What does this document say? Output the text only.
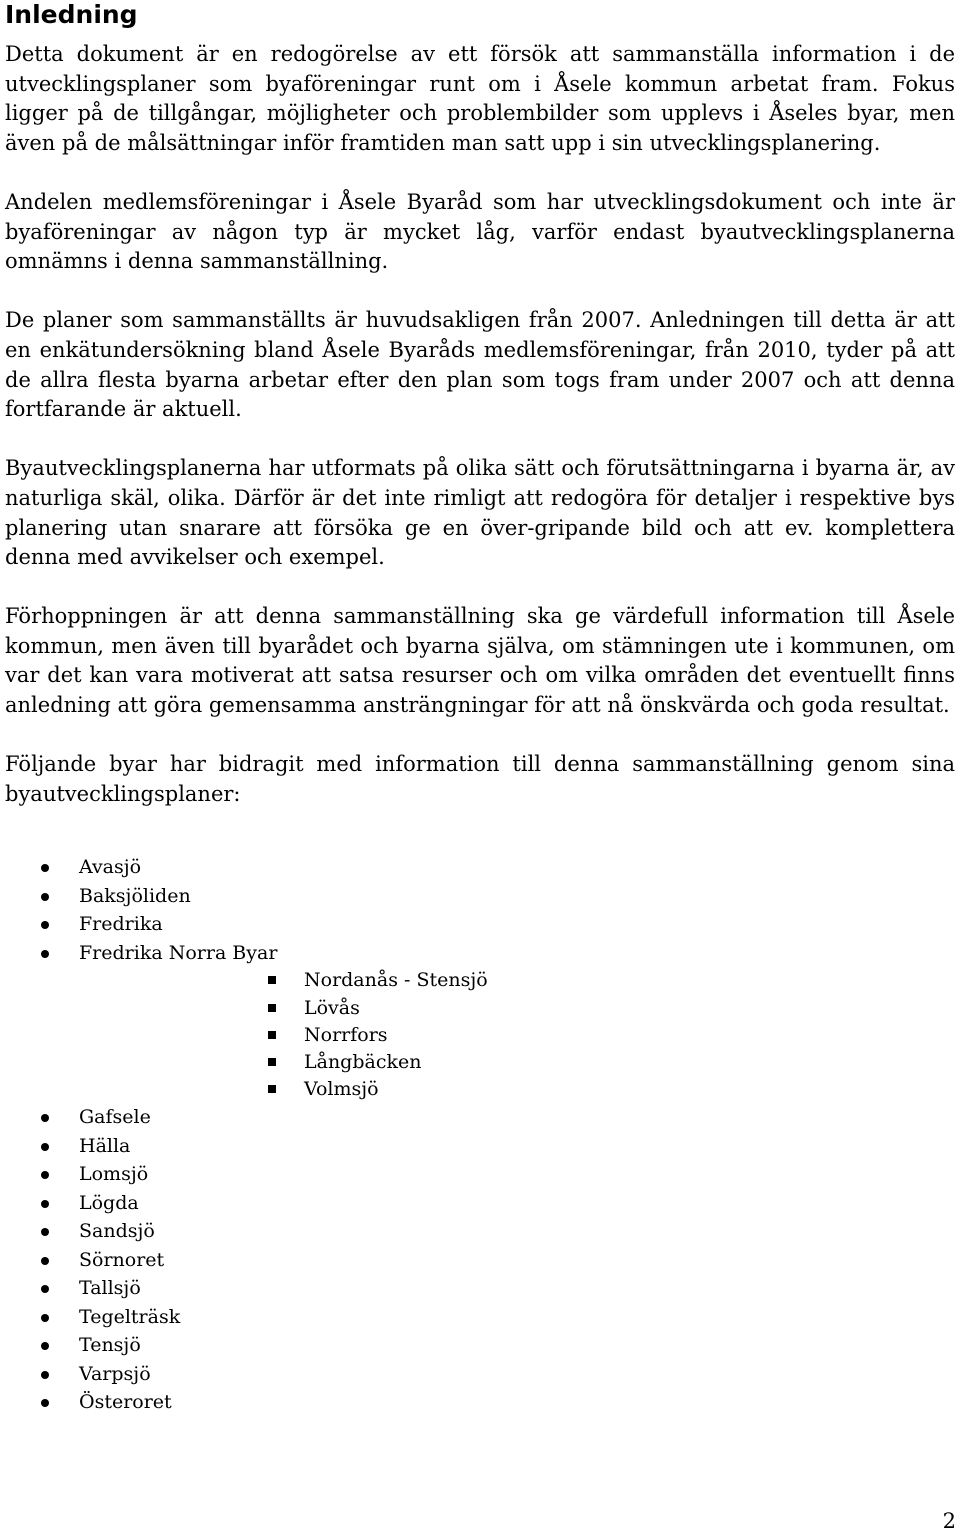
Inledning

Detta dokument är en redogörelse av ett försök att sammanställa information i de utvecklingsplaner som byaföreningar runt om i Åsele kommun arbetat fram. Fokus ligger på de tillgångar, möjligheter och problembilder som upplevs i Åseles byar, men även på de målsättningar inför framtiden man satt upp i sin utvecklingsplanering.

Andelen medlemsföreningar i Åsele Byaråd som har utvecklingsdokument och inte är byaföreningar av någon typ är mycket låg, varför endast byautvecklingsplanerna omnämns i denna sammanställning.

De planer som sammanställts är huvudsakligen från 2007. Anledningen till detta är att en enkätundersökning bland Åsele Byaråds medlemsföreningar, från 2010, tyder på att de allra flesta byarna arbetar efter den plan som togs fram under 2007 och att denna fortfarande är aktuell.

Byautvecklingsplanerna har utformats på olika sätt och förutsättningarna i byarna är, av naturliga skäl, olika. Därför är det inte rimligt att redogöra för detaljer i respektive bys planering utan snarare att försöka ge en över-gripande bild och att ev. komplettera denna med avvikelser och exempel.

Förhoppningen är att denna sammanställning ska ge värdefull information till Åsele kommun, men även till byarådet och byarna själva, om stämningen ute i kommunen, om var det kan vara motiverat att satsa resurser och om vilka områden det eventuellt finns anledning att göra gemensamma ansträngningar för att nå önskvärda och goda resultat.

Följande byar har bidragit med information till denna sammanställning genom sina byautvecklingsplaner:

Avasjö
Baksjöliden
Fredrika
Fredrika Norra Byar
Nordanås - Stensjö
Lövås
Norrfors
Långbäcken
Volmsjö
Gafsele
Hälla
Lomsjö
Lögda
Sandsjö
Sörnoret
Tallsjö
Tegelträsk
Tensjö
Varpsjö
Österoret
2
